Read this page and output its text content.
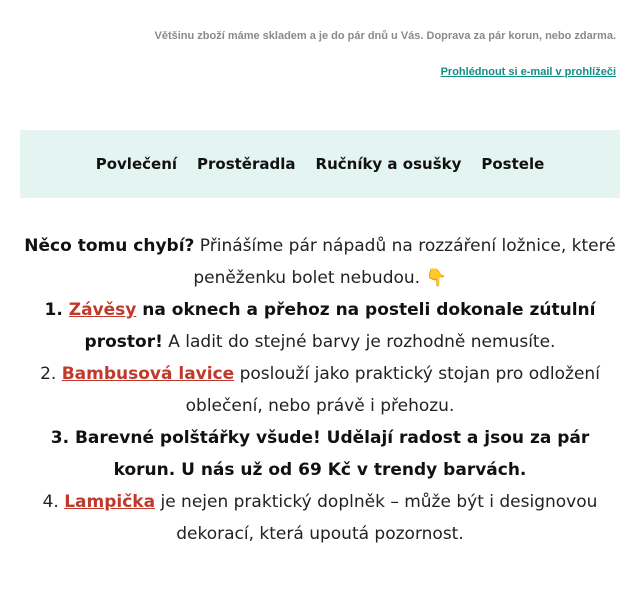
Většinu zboží máme skladem a je do pár dnů u Vás. Doprava za pár korun, nebo zdarma.
Prohlédnout si e-mail v prohlížeči
Povlečení Prostěradla Ručníky a osušky Postele

Něco tomu chybí? Přinášíme pár nápadů na rozzáření ložnice, které peněženku bolet nebudou. 👇

1. Závěsy na oknech a přehoz na posteli dokonale zútulní prostor! A ladit do stejné barvy je rozhodně nemusíte.

2. Bambusová lavice poslouží jako praktický stojan pro odložení oblečení, nebo právě i přehozu.

3. Barevné polštářky všude! Udělají radost a jsou za pár korun. U nás už od 69 Kč v trendy barvách.

4. Lampička je nejen praktický doplněk – může být i designovou dekorací, která upoutá pozornost.
